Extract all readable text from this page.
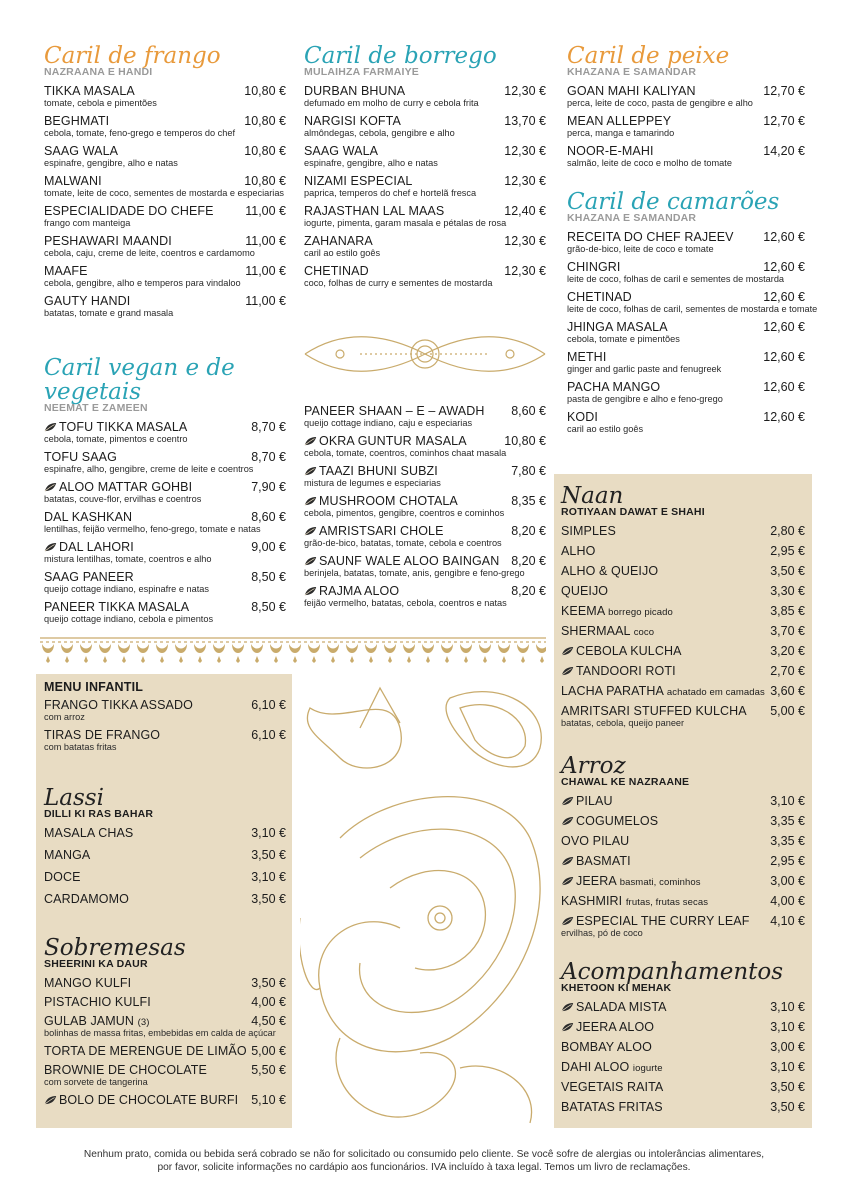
Caril de frango
NAZRAANA E HANDI
TIKKA MASALA	10,80 €
tomate, cebola e pimentões
BEGHMATI	10,80 €
cebola, tomate, feno-grego e temperos do chef
SAAG WALA	10,80 €
espinafre, gengibre, alho e natas
MALWANI	10,80 €
tomate, leite de coco, sementes de mostarda e especiarias
ESPECIALIDADE DO CHEFE	11,00 €
frango com manteiga
PESHAWARI MAANDI	11,00 €
cebola, caju, creme de leite, coentros e cardamomo
MAAFE	11,00 €
cebola, gengibre, alho e temperos para vindaloo
GAUTY HANDI	11,00 €
batatas, tomate e grand masala
Caril de borrego
MULAIHZA FARMAIYE
DURBAN BHUNA	12,30 €
defumado em molho de curry e cebola frita
NARGISI KOFTA	13,70 €
almôndegas, cebola, gengibre e alho
SAAG WALA	12,30 €
espinafre, gengibre, alho e natas
NIZAMI ESPECIAL	12,30 €
paprica, temperos do chef e hortelã fresca
RAJASTHAN LAL MAAS	12,40 €
iogurte, pimenta, garam masala e pétalas de rosa
ZAHANARA	12,30 €
caril ao estilo goês
CHETINAD	12,30 €
coco, folhas de curry e sementes de mostarda
Caril de peixe
KHAZANA E SAMANDAR
GOAN MAHI KALIYAN	12,70 €
perca, leite de coco, pasta de gengibre e alho
MEAN ALLEPPEY	12,70 €
perca, manga e tamarindo
NOOR-E-MAHI	14,20 €
salmão, leite de coco e molho de tomate
Caril de camarões
KHAZANA E SAMANDAR
RECEITA DO CHEF RAJEEV 12,60 €
grão-de-bico, leite de coco e tomate
CHINGRI	12,60 €
leite de coco, folhas de caril e sementes de mostarda
CHETINAD	12,60 €
leite de coco, folhas de caril, sementes de mostarda e tomate
JHINGA MASALA	12,60 €
cebola, tomate e pimentões
METHI	12,60 €
ginger and garlic paste and fenugreek
PACHA MANGO	12,60 €
pasta de gengibre e alho e feno-grego
KODI	12,60 €
caril ao estilo goês
Caril vegan e de vegetais
NEEMAT E ZAMEEN
TOFU TIKKA MASALA	8,70 €
cebola, tomate, pimentos e coentro
TOFU SAAG	8,70 €
espinafre, alho, gengibre, creme de leite e coentros
ALOO MATTAR GOHBI	7,90 €
batatas, couve-flor, ervilhas e coentros
DAL KASHKAN	8,60 €
lentilhas, feijão vermelho, feno-grego, tomate e natas
DAL LAHORI	9,00 €
mistura lentilhas, tomate, coentros e alho
SAAG PANEER	8,50 €
queijo cottage indiano, espinafre e natas
PANEER TIKKA MASALA	8,50 €
queijo cottage indiano, cebola e pimentos
PANEER SHAAN – E – AWADH 8,60 €
queijo cottage indiano, caju e especiarias
OKRA GUNTUR MASALA	10,80 €
cebola, tomate, coentros, cominhos chaat masala
TAAZI BHUNI SUBZI	7,80 €
mistura de legumes e especiarias
MUSHROOM CHOTALA	8,35 €
cebola, pimentos, gengibre, coentros e cominhos
AMRISTSARI CHOLE	8,20 €
grão-de-bico, batatas, tomate, cebola e coentros
SAUNF WALE ALOO BAINGAN 8,20 €
berinjela, batatas, tomate, anis, gengibre e feno-grego
RAJMA ALOO	8,20 €
feijão vermelho, batatas, cebola, coentros e natas
MENU INFANTIL
FRANGO TIKKA ASSADO	6,10 €
com arroz
TIRAS DE FRANGO	6,10 €
com batatas fritas
Lassi
DILLI KI RAS BAHAR
MASALA CHAS	3,10 €
MANGA	3,50 €
DOCE	3,10 €
CARDAMOMO	3,50 €
Sobremesas
SHEERINI KA DAUR
MANGO KULFI	3,50 €
PISTACHIO KULFI	4,00 €
GULAB JAMUN (3)	4,50 €
bolinhas de massa fritas, embebidas em calda de açúcar
TORTA DE MERENGUE DE LIMÃO 5,00 €
BROWNIE DE CHOCOLATE	5,50 €
com sorvete de tangerina
BOLO DE CHOCOLATE BURFI 5,10 €
Naan
ROTIYAAN DAWAT E SHAHI
SIMPLES	2,80 €
ALHO	2,95 €
ALHO & QUEIJO	3,50 €
QUEIJO	3,30 €
KEEMA borrego picado	3,85 €
SHERMAAL coco	3,70 €
CEBOLA KULCHA	3,20 €
TANDOORI ROTI	2,70 €
LACHA PARATHA achatado em camadas 3,60 €
AMRITSARI STUFFED KULCHA 5,00 €
batatas, cebola, queijo paneer
Arroz
CHAWAL KE NAZRAANE
PILAU	3,10 €
COGUMELOS	3,35 €
OVO PILAU	3,35 €
BASMATI	2,95 €
JEERA basmati, cominhos	3,00 €
KASHMIRI frutas, frutas secas	4,00 €
ESPECIAL THE CURRY LEAF 4,10 €
ervilhas, pó de coco
Acompanhamentos
KHETOON KI MEHAK
SALADA MISTA	3,10 €
JEERA ALOO	3,10 €
BOMBAY ALOO	3,00 €
DAHI ALOO iogurte	3,10 €
VEGETAIS RAITA	3,50 €
BATATAS FRITAS	3,50 €
Nenhum prato, comida ou bebida será cobrado se não for solicitado ou consumido pelo cliente. Se você sofre de alergias ou intolerâncias alimentares,
por favor, solicite informações no cardápio aos funcionários. IVA incluído à taxa legal. Temos um livro de reclamações.
